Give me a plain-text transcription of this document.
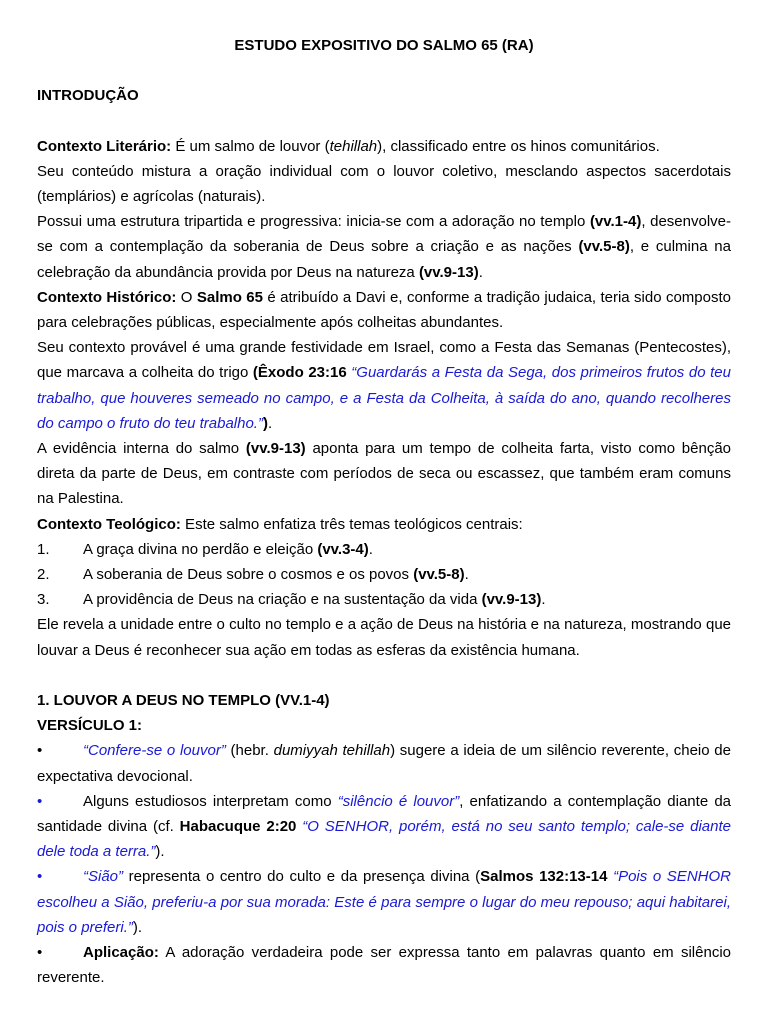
ESTUDO EXPOSITIVO DO SALMO 65 (RA)

INTRODUÇÃO

Contexto Literário: É um salmo de louvor (tehillah), classificado entre os hinos comunitários.

Seu conteúdo mistura a oração individual com o louvor coletivo, mesclando aspectos sacerdotais (templários) e agrícolas (naturais).

Possui uma estrutura tripartida e progressiva: inicia-se com a adoração no templo (vv.1-4), desenvolve-se com a contemplação da soberania de Deus sobre a criação e as nações (vv.5-8), e culmina na celebração da abundância provida por Deus na natureza (vv.9-13).

Contexto Histórico: O Salmo 65 é atribuído a Davi e, conforme a tradição judaica, teria sido composto para celebrações públicas, especialmente após colheitas abundantes.

Seu contexto provável é uma grande festividade em Israel, como a Festa das Semanas (Pentecostes), que marcava a colheita do trigo (Êxodo 23:16 “Guardarás a Festa da Sega, dos primeiros frutos do teu trabalho, que houveres semeado no campo, e a Festa da Colheita, à saída do ano, quando recolheres do campo o fruto do teu trabalho.”).

A evidência interna do salmo (vv.9-13) aponta para um tempo de colheita farta, visto como bênção direta da parte de Deus, em contraste com períodos de seca ou escassez, que também eram comuns na Palestina.

Contexto Teológico: Este salmo enfatiza três temas teológicos centrais:

1.	A graça divina no perdão e eleição (vv.3-4).
2.	A soberania de Deus sobre o cosmos e os povos (vv.5-8).
3.	A providência de Deus na criação e na sustentação da vida (vv.9-13).

Ele revela a unidade entre o culto no templo e a ação de Deus na história e na natureza, mostrando que louvar a Deus é reconhecer sua ação em todas as esferas da existência humana.

1. LOUVOR A DEUS NO TEMPLO (VV.1-4)

VERSÍCULO 1:

•	“Confere-se o louvor” (hebr. dumiyyah tehillah) sugere a ideia de um silêncio reverente, cheio de expectativa devocional.

•	Alguns estudiosos interpretam como “silêncio é louvor”, enfatizando a contemplação diante da santidade divina (cf. Habacuque 2:20 “O SENHOR, porém, está no seu santo templo; cale-se diante dele toda a terra.”).

•	“Sião” representa o centro do culto e da presença divina (Salmos 132:13-14 “Pois o SENHOR escolheu a Sião, preferiu-a por sua morada: Este é para sempre o lugar do meu repouso; aqui habitarei, pois o preferi.”).

•	Aplicação: A adoração verdadeira pode ser expressa tanto em palavras quanto em silêncio reverente.
